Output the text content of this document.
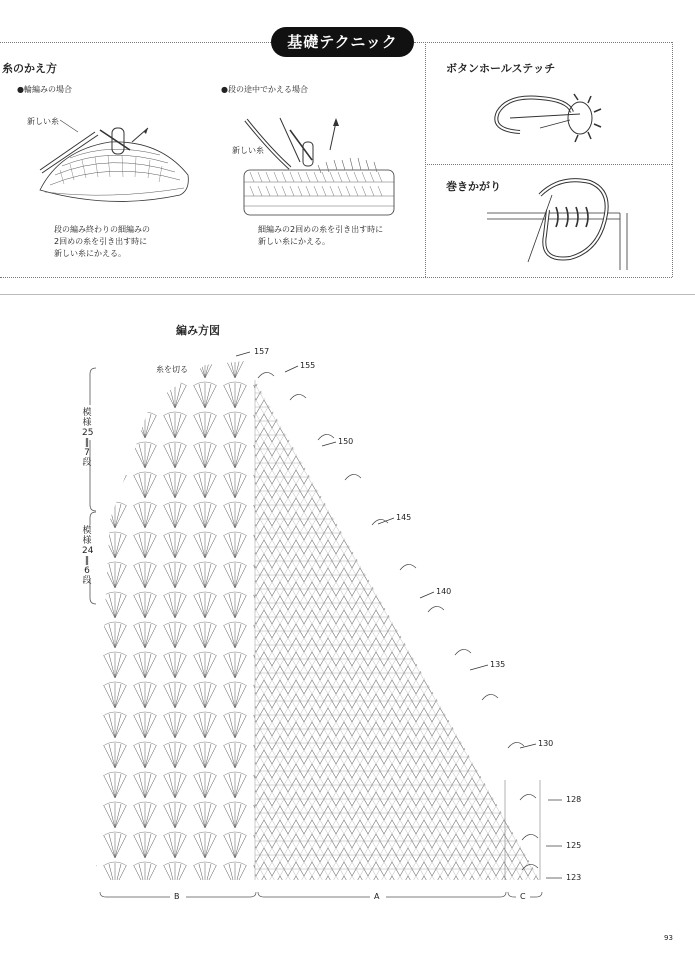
基礎テクニック
糸のかえ方
●輪編みの場合	●段の途中でかえる場合
新しい糸
新しい糸
段の編み終わりの細編みの
2回めの糸を引き出す時に
新しい糸にかえる。
細編みの2回めの糸を引き出す時に
新しい糸にかえる。
ボタンホールステッチ
巻きかがり
編み方図
糸を切る
模
様
25
‖
7
段
模
様
24
‖
6
段
157
155
150
145
140
135
130
128
125
123
B	A	C
93
